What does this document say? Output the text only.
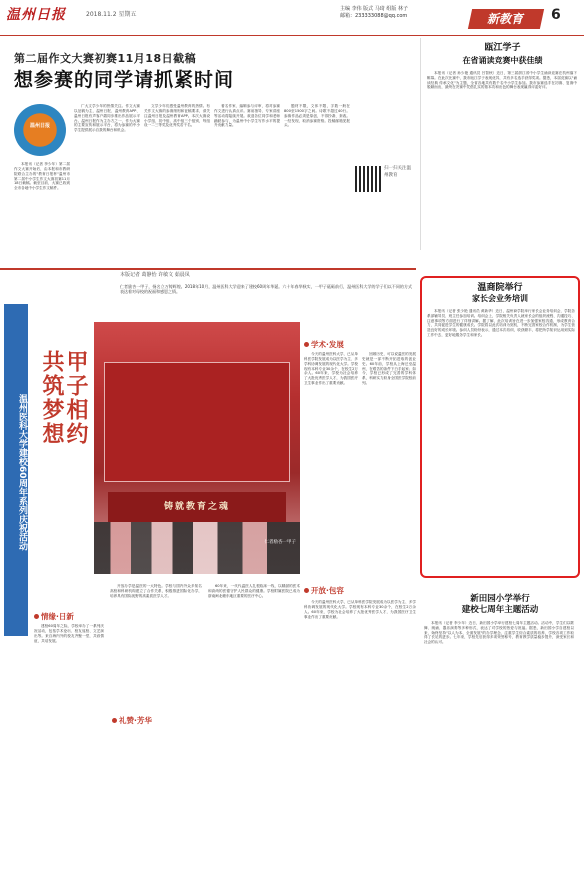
温州日报	2018.11.2 星期五
主编 李伟 版式 马琦 组版 林子
邮箱：233333088@qq.com	新教育	6
第二届作文大赛初赛11月18日截稿
想参赛的同学请抓紧时间
温州日报

本报讯（记者 李少年）第二届作文大赛开始后，由本报和市教研院联合主办的"教育日报杯"温州市第二届中小学生作文大赛初赛11月18日截稿。截至目前，大赛已收到全市各地中小学生作文稿件。

广大文学少年的热情关注。作文大赛以征稿为主，温州日报、温州教育APP、温州日报有声客户端同步推出作品展示平台。温州日报作为主办方之一，作为大赛的主要宣传和展示平台，将为参赛的中小学生提供展示自我的舞台和机会。

文学少年们感受温州教育的热情。有关作文大赛的参赛细则和征稿要求，请关注温州日报及温州教育APP。本次大赛设小学组、初中组、高中组三个组别，每组设一二三等奖及优秀奖若干名。

著名作家、编辑参与评审，将对参赛作文进行认真点评。赛前指导、专家讲座等活动将陆续开展。欢迎各位同学和老师踊跃参与，为温州中小学生写作水平的提升贡献力量。

题材不限，文体不限，字数一般在800至1500字之间。诗歌不超过40行。参赛作品必须是原创，不得抄袭、套改。一经发现，取消参赛资格。投稿邮箱见报头。

扫一扫关注温州教育
瓯江学子
在省诵读竞赛中获佳绩

本报讯（记者 孙少艳 通讯员 吕智秋）近日，第三届浙江省中小学生诵读竞赛在杭州落下帷幕。在此次比赛中，我市瓯江学子表现优异，共有多名选手获得奖项。据悉，本届竞赛以"诵读经典 传承文化"为主题，全省各地共有数千名中小学生参加。我市参赛选手在初赛、复赛中脱颖而出，最终在决赛中凭借扎实的基本功和出色的舞台表现赢得评委好评。

本版记者 葛静怡 许敏文 茹晨凤
仁者励杏一甲子，扬名立万铸辉煌。2018年10月，温州医科大学迎来了建校60周年华诞。六十年春华秋实，一甲子砥砺前行，温州医科大学的学子们以不同的方式表达着对母校的祝福和感恩之情。
温州医科大学建校60周年系列庆祝活动 甲子相约
共筑梦想
铸就教育之魂
仁者励杏一甲子
学术·发展

今天的温州医科大学，已从单科医学院发展成为以医学为主、多学科协调发展的现代化大学。学校现有本科专业30余个，在校生2万余人。60年来，学校为社会培养了大批优秀医学人才，为我国医疗卫生事业作出了重要贡献。

回顾历史，可以说温医的发展史就是一部不断开拓进取的创业史。60年前，学校从上海迁至温州，在艰苦的条件下白手起家；如今，学校已形成了完善的学科体系，科研实力跻身全国医学院校前列。

情缘·日新

建校60周年之际，学校举办了一系列庆祝活动，包括学术论坛、校友返校、文艺演出等。来自海内外的校友齐聚一堂，共叙情谊，共话发展。

礼赞·芳华

开放办学是温医的一大特色。学校与国内外众多知名高校和科研机构建立了合作关系，积极推进国际化办学，培养具有国际视野的高素质医学人才。

开放·包容

60年来，一代代温医人扎根临床一线，以精湛的医术和高尚的医德守护人民群众的健康。学校附属医院已成为浙南闽北赣东地区重要的医疗中心。

今天的温州医科大学，已从单科医学院发展成为以医学为主、多学科协调发展的现代化大学。学校现有本科专业30余个，在校生2万余人。60年来，学校为社会培养了大批优秀医学人才，为我国医疗卫生事业作出了重要贡献。

温商院举行
家长会业务培训

本报讯（记者 张少艳 通讯员 黄新华）近日，温州商学院举行家长会业务培训会，学院各系部辅导员、班主任参加培训。培训会上，学院相关负责人就家长会的组织流程、沟通技巧、注意事项等方面进行了详细讲解。据了解，此次培训旨在进一步加强家校沟通，形成教育合力，共同促进学生的健康成长。学院将以此次培训为契机，不断完善家校合作机制，为学生营造良好的成长环境。参训人员纷纷表示，通过本次培训，收获颇丰，将把所学知识运用到实际工作中去，更好地服务学生和家长。

新田园小学举行
建校七周年主题活动

本报讯（记者 李少年）近日，新田园小学举行建校七周年主题活动。活动中，学生们以歌舞、朗诵、器乐演奏等多种形式，表达了对学校的热爱与祝福。据悉，新田园小学自建校以来，始终坚持"以人为本、全面发展"的办学理念，注重学生综合素质的培养，学校各项工作取得了长足的进步。七年来，学校先后获得多项荣誉称号，教育教学质量稳步提升，深受家长和社会的认可。
